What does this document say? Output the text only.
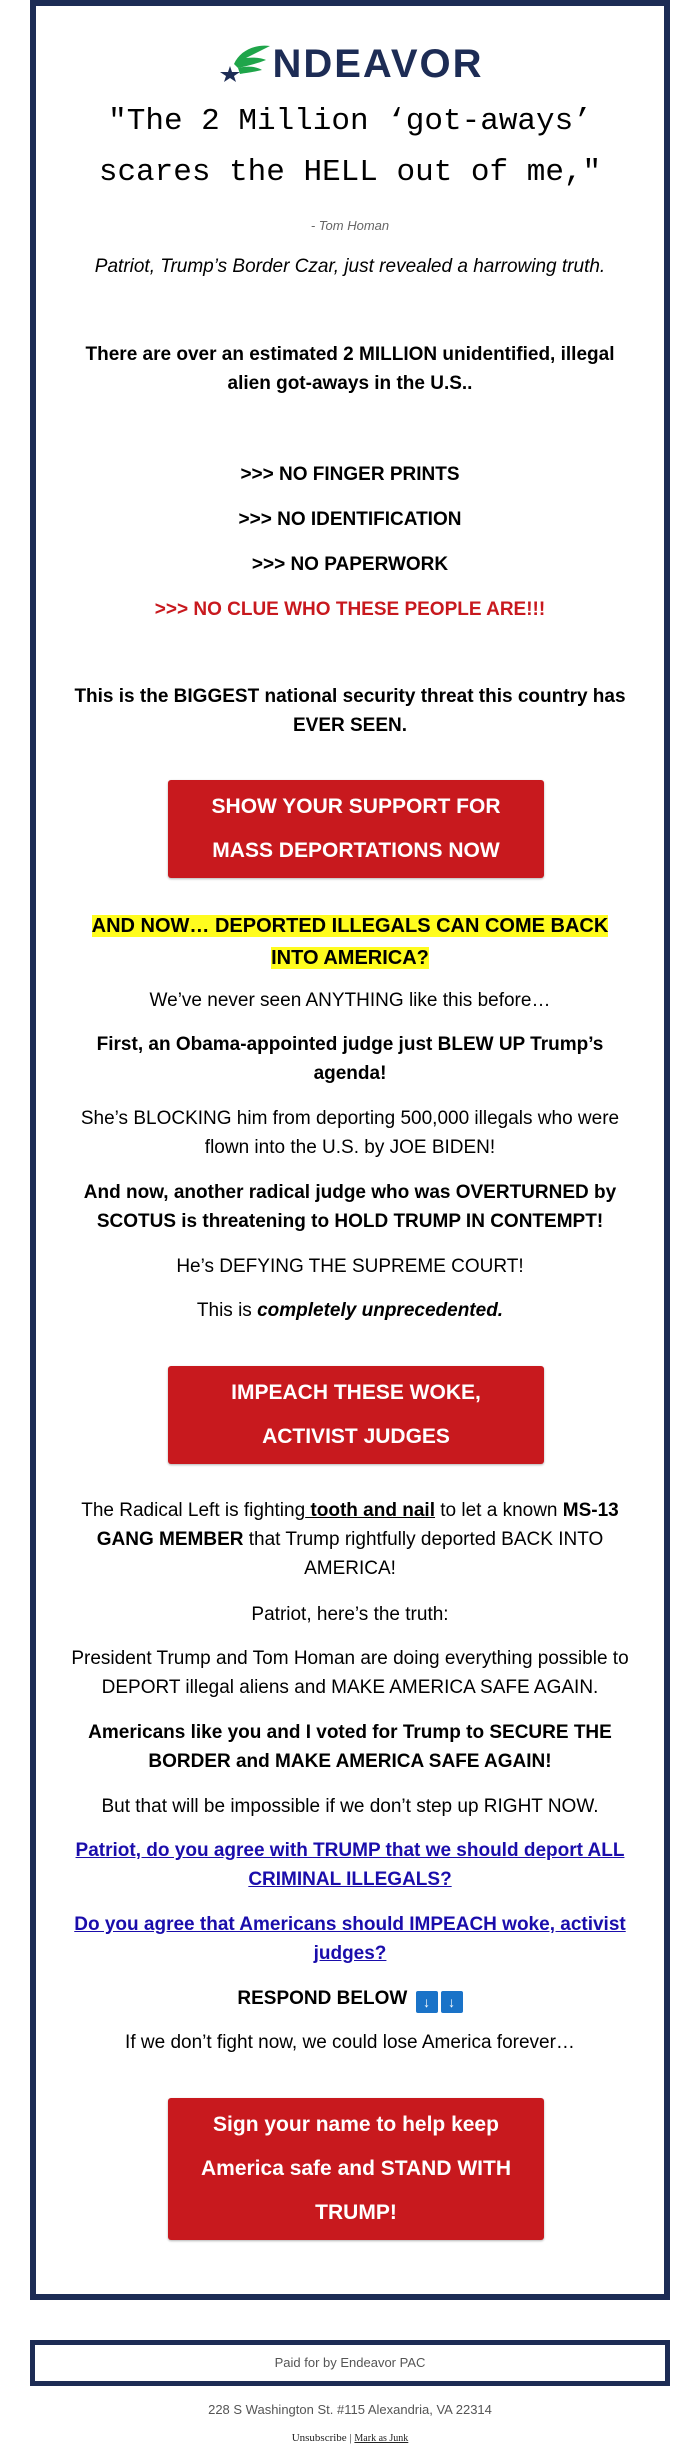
NDEAVOR
"The 2 Million ‘got-aways’
scares the HELL out of me,"
- Tom Homan
Patriot, Trump’s Border Czar, just revealed a harrowing truth.
There are over an estimated 2 MILLION unidentified, illegal alien got-aways in the U.S..
>>> NO FINGER PRINTS
>>> NO IDENTIFICATION
>>> NO PAPERWORK
>>> NO CLUE WHO THESE PEOPLE ARE!!!
This is the BIGGEST national security threat this country has EVER SEEN.
SHOW YOUR SUPPORT FOR
MASS DEPORTATIONS NOW
AND NOW… DEPORTED ILLEGALS CAN COME BACK INTO AMERICA?
We’ve never seen ANYTHING like this before…
First, an Obama-appointed judge just BLEW UP Trump’s agenda!
She’s BLOCKING him from deporting 500,000 illegals who were flown into the U.S. by JOE BIDEN!
And now, another radical judge who was OVERTURNED by SCOTUS is threatening to HOLD TRUMP IN CONTEMPT!
He’s DEFYING THE SUPREME COURT!
This is completely unprecedented.
IMPEACH THESE WOKE,
ACTIVIST JUDGES
The Radical Left is fighting tooth and nail to let a known MS-13 GANG MEMBER that Trump rightfully deported BACK INTO AMERICA!
Patriot, here’s the truth:
President Trump and Tom Homan are doing everything possible to DEPORT illegal aliens and MAKE AMERICA SAFE AGAIN.
Americans like you and I voted for Trump to SECURE THE BORDER and MAKE AMERICA SAFE AGAIN!
But that will be impossible if we don’t step up RIGHT NOW.
Patriot, do you agree with TRUMP that we should deport ALL CRIMINAL ILLEGALS?
Do you agree that Americans should IMPEACH woke, activist judges?
RESPOND BELOW ↓ ↓
If we don’t fight now, we could lose America forever…
Sign your name to help keep
America safe and STAND WITH
TRUMP!
Paid for by Endeavor PAC
228 S Washington St. #115 Alexandria, VA 22314
Unsubscribe | Mark as Junk
